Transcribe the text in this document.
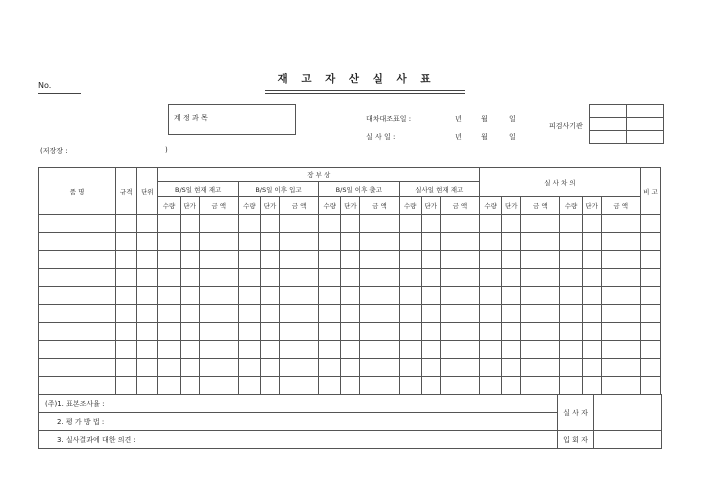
No.
재 고 자 산 실 사 표
계 정 과 목	대차대조표일 :	년	월	일
실 사 일 :	년	월	일
피검사기관

(저장장 :	)
품 명	규격	단위	장 부 상												실 사 차 의						비 고
			B/S일 현재 재고			B/S일 이후 입고			B/S일 이후 출고			실사일 현재 재고									
			수량	단가	금 액	수량	단가	금 액	수량	단가	금 액	수량	단가	금 액	수량	단가	금 액	수량	단가	금 액	

(주)1. 표본조사율 :	실 사 자	
2. 평 가 방 법 :		
3. 실사결과에 대한 의견 :	입 회 자	
